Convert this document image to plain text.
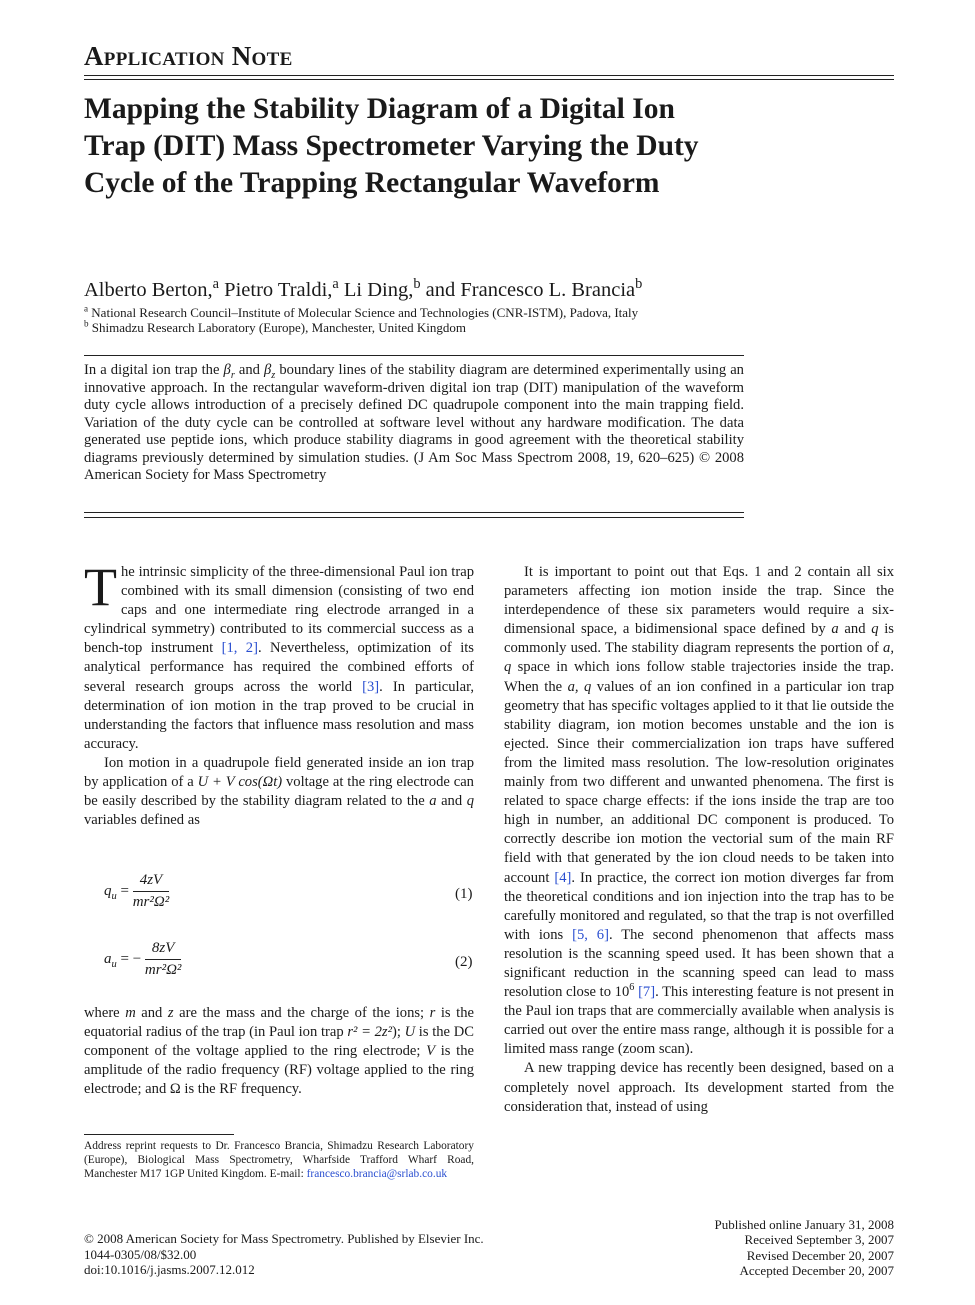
Application Note
Mapping the Stability Diagram of a Digital Ion Trap (DIT) Mass Spectrometer Varying the Duty Cycle of the Trapping Rectangular Waveform
Alberto Berton,$^a$ Pietro Traldi,$^a$ Li Ding,$^b$ and Francesco L. Brancia$^b$
$^a$ National Research Council–Institute of Molecular Science and Technologies (CNR-ISTM), Padova, Italy
$^b$ Shimadzu Research Laboratory (Europe), Manchester, United Kingdom
In a digital ion trap the $\beta_r$ and $\beta_z$ boundary lines of the stability diagram are determined experimentally using an innovative approach. In the rectangular waveform-driven digital ion trap (DIT) manipulation of the waveform duty cycle allows introduction of a precisely defined DC quadrupole component into the main trapping field. Variation of the duty cycle can be controlled at software level without any hardware modification. The data generated use peptide ions, which produce stability diagrams in good agreement with the theoretical stability diagrams previously determined by simulation studies. (J Am Soc Mass Spectrom 2008, 19, 620–625) © 2008 American Society for Mass Spectrometry

The intrinsic simplicity of the three-dimensional Paul ion trap combined with its small dimension (consisting of two end caps and one intermediate ring electrode arranged in a cylindrical symmetry) contributed to its commercial success as a bench-top instrument [1, 2]. Nevertheless, optimization of its analytical performance has required the combined efforts of several research groups across the world [3]. In particular, determination of ion motion in the trap proved to be crucial in understanding the factors that influence mass resolution and mass accuracy.

Ion motion in a quadrupole field generated inside an ion trap by application of a U + V cos(Ωt) voltage at the ring electrode can be easily described by the stability diagram related to the a and q variables defined as

$q_u = \frac{4zV}{\text{mr²Ω²}}$	(1)
$a_u$ = − $\frac{8zV}{\text{mr²Ω²}}$	(2)

where m and z are the mass and the charge of the ions; r is the equatorial radius of the trap (in Paul ion trap r² = 2z²); U is the DC component of the voltage applied to the ring electrode; V is the amplitude of the radio frequency (RF) voltage applied to the ring electrode; and Ω is the RF frequency.

Address reprint requests to Dr. Francesco Brancia, Shimadzu Research Laboratory (Europe), Biological Mass Spectrometry, Wharfside Trafford Wharf Road, Manchester M17 1GP United Kingdom. E-mail: francesco.brancia@srlab.co.uk

It is important to point out that Eqs. 1 and 2 contain all six parameters affecting ion motion inside the trap. Since the interdependence of these six parameters would require a six-dimensional space, a bidimensional space defined by a and q is commonly used. The stability diagram represents the portion of a, q space in which ions follow stable trajectories inside the trap. When the a, q values of an ion confined in a particular ion trap geometry that has specific voltages applied to it that lie outside the stability diagram, ion motion becomes unstable and the ion is ejected. Since their commercialization ion traps have suffered from the limited mass resolution. The low-resolution originates mainly from two different and unwanted phenomena. The first is related to space charge effects: if the ions inside the trap are too high in number, an additional DC component is produced. To correctly describe ion motion the vectorial sum of the main RF field with that generated by the ion cloud needs to be taken into account [4]. In practice, the correct ion motion diverges far from the theoretical conditions and ion injection into the trap has to be carefully monitored and regulated, so that the trap is not overfilled with ions [5, 6]. The second phenomenon that affects mass resolution is the scanning speed used. It has been shown that a significant reduction in the scanning speed can lead to mass resolution close to $10^6$ [7]. This interesting feature is not present in the Paul ion traps that are commercially available when analysis is carried out over the entire mass range, although it is possible for a limited mass range (zoom scan).

A new trapping device has recently been designed, based on a completely novel approach. Its development started from the consideration that, instead of using

© 2008 American Society for Mass Spectrometry. Published by Elsevier Inc.
1044-0305/08/$32.00
doi:10.1016/j.jasms.2007.12.012
Published online January 31, 2008
Received September 3, 2007
Revised December 20, 2007
Accepted December 20, 2007
